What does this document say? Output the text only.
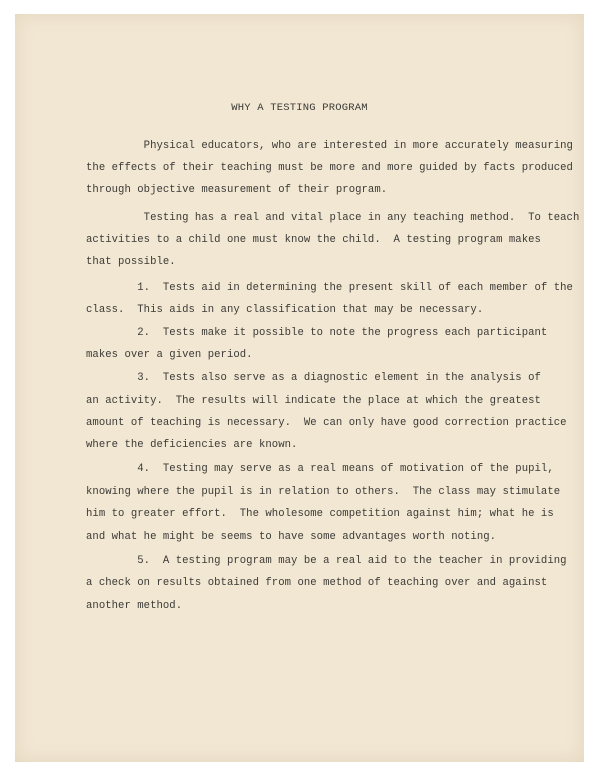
WHY A TESTING PROGRAM
Physical educators, who are interested in more accurately measuring
the effects of their teaching must be more and more guided by facts produced
through objective measurement of their program.
Testing has a real and vital place in any teaching method.  To teach
activities to a child one must know the child.  A testing program makes
that possible.
1.  Tests aid in determining the present skill of each member of the
class.  This aids in any classification that may be necessary.
2.  Tests make it possible to note the progress each participant
makes over a given period.
3.  Tests also serve as a diagnostic element in the analysis of
an activity.  The results will indicate the place at which the greatest
amount of teaching is necessary.  We can only have good correction practice
where the deficiencies are known.
4.  Testing may serve as a real means of motivation of the pupil,
knowing where the pupil is in relation to others.  The class may stimulate
him to greater effort.  The wholesome competition against him; what he is
and what he might be seems to have some advantages worth noting.
5.  A testing program may be a real aid to the teacher in providing
a check on results obtained from one method of teaching over and against
another method.
